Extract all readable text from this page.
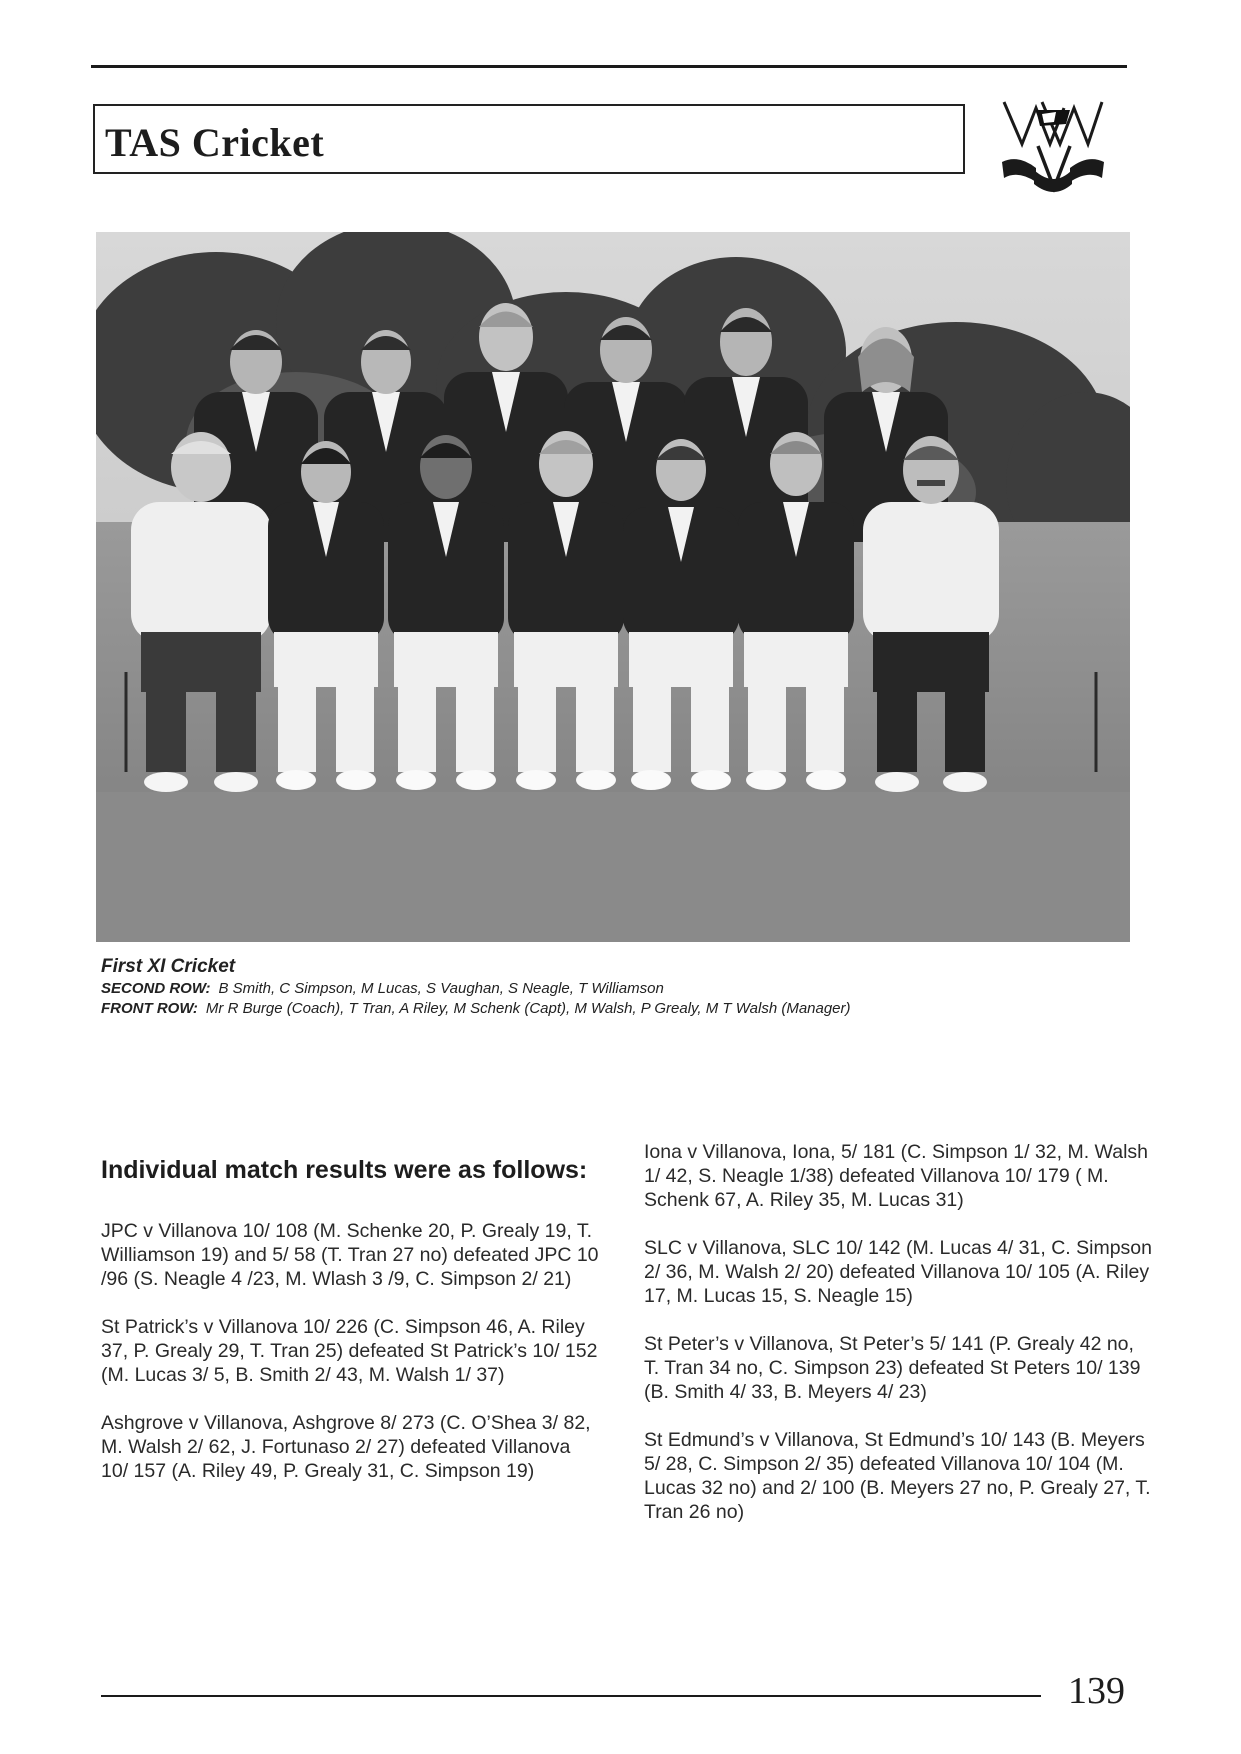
TAS Cricket
First XI Cricket
SECOND ROW: B Smith, C Simpson, M Lucas, S Vaughan, S Neagle, T Williamson
FRONT ROW: Mr R Burge (Coach), T Tran, A Riley, M Schenk (Capt), M Walsh, P Grealy, M T Walsh (Manager)
Individual match results were as follows:

JPC v Villanova 10/ 108 (M. Schenke 20, P. Grealy 19, T. Williamson 19) and 5/ 58 (T. Tran 27 no) defeated JPC 10 /96 (S. Neagle 4 /23, M. Wlash 3 /9, C. Simpson 2/ 21)

St Patrick’s v Villanova 10/ 226 (C. Simpson 46, A. Riley 37, P. Grealy 29, T. Tran 25) defeated St Patrick’s 10/ 152 (M. Lucas 3/ 5, B. Smith 2/ 43, M. Walsh 1/ 37)

Ashgrove v Villanova, Ashgrove 8/ 273 (C. O’Shea 3/ 82, M. Walsh 2/ 62, J. Fortunaso 2/ 27) defeated Villanova 10/ 157 (A. Riley 49, P. Grealy 31, C. Simpson 19)

Iona v Villanova, Iona, 5/ 181 (C. Simpson 1/ 32, M. Walsh 1/ 42, S. Neagle 1/38) defeated Villanova 10/ 179 ( M. Schenk 67, A. Riley 35, M. Lucas 31)

SLC v Villanova, SLC 10/ 142 (M. Lucas 4/ 31, C. Simpson 2/ 36, M. Walsh 2/ 20) defeated Villanova 10/ 105 (A. Riley 17, M. Lucas 15, S. Neagle 15)

St Peter’s v Villanova, St Peter’s 5/ 141 (P. Grealy 42 no, T. Tran 34 no, C. Simpson 23) defeated St Peters 10/ 139 (B. Smith 4/ 33, B. Meyers 4/ 23)

St Edmund’s v Villanova, St Edmund’s 10/ 143 (B. Meyers 5/ 28, C. Simpson 2/ 35) defeated Villanova 10/ 104 (M. Lucas 32 no) and 2/ 100 (B. Meyers 27 no, P. Grealy 27, T. Tran 26 no)

139
